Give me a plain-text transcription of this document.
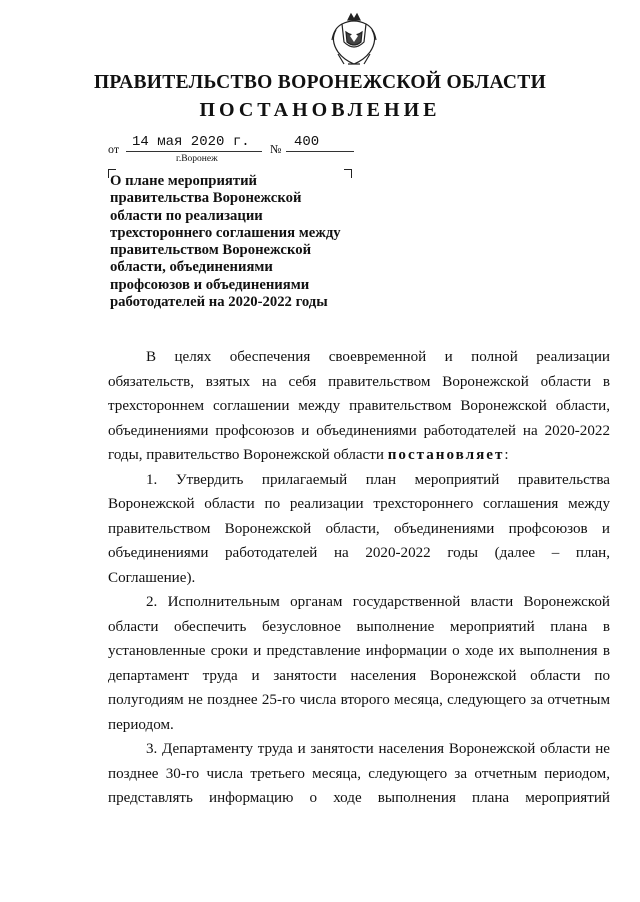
ПРАВИТЕЛЬСТВО ВОРОНЕЖСКОЙ ОБЛАСТИ
ПОСТАНОВЛЕНИЕ
от 14 мая 2020 г. № 400
г.Воронеж
О плане мероприятий
правительства Воронежской
области по реализации
трехстороннего соглашения между
правительством Воронежской
области, объединениями
профсоюзов и объединениями
работодателей на 2020-2022 годы

В целях обеспечения своевременной и полной реализации
обязательств, взятых на себя правительством Воронежской области в
трехстороннем соглашении между правительством Воронежской области,
объединениями профсоюзов и объединениями работодателей на 2020-2022
годы, правительство Воронежской области постановляет:

1. Утвердить прилагаемый план мероприятий правительства
Воронежской области по реализации трехстороннего соглашения между
правительством Воронежской области, объединениями профсоюзов и
объединениями работодателей на 2020-2022 годы (далее – план,
Соглашение).

2. Исполнительным органам государственной власти Воронежской
области обеспечить безусловное выполнение мероприятий плана в
установленные сроки и представление информации о ходе их выполнения в
департамент труда и занятости населения Воронежской области по
полугодиям не позднее 25-го числа второго месяца, следующего за отчетным
периодом.

3. Департаменту труда и занятости населения Воронежской области не
позднее 30-го числа третьего месяца, следующего за отчетным периодом,
представлять информацию о ходе выполнения плана мероприятий
